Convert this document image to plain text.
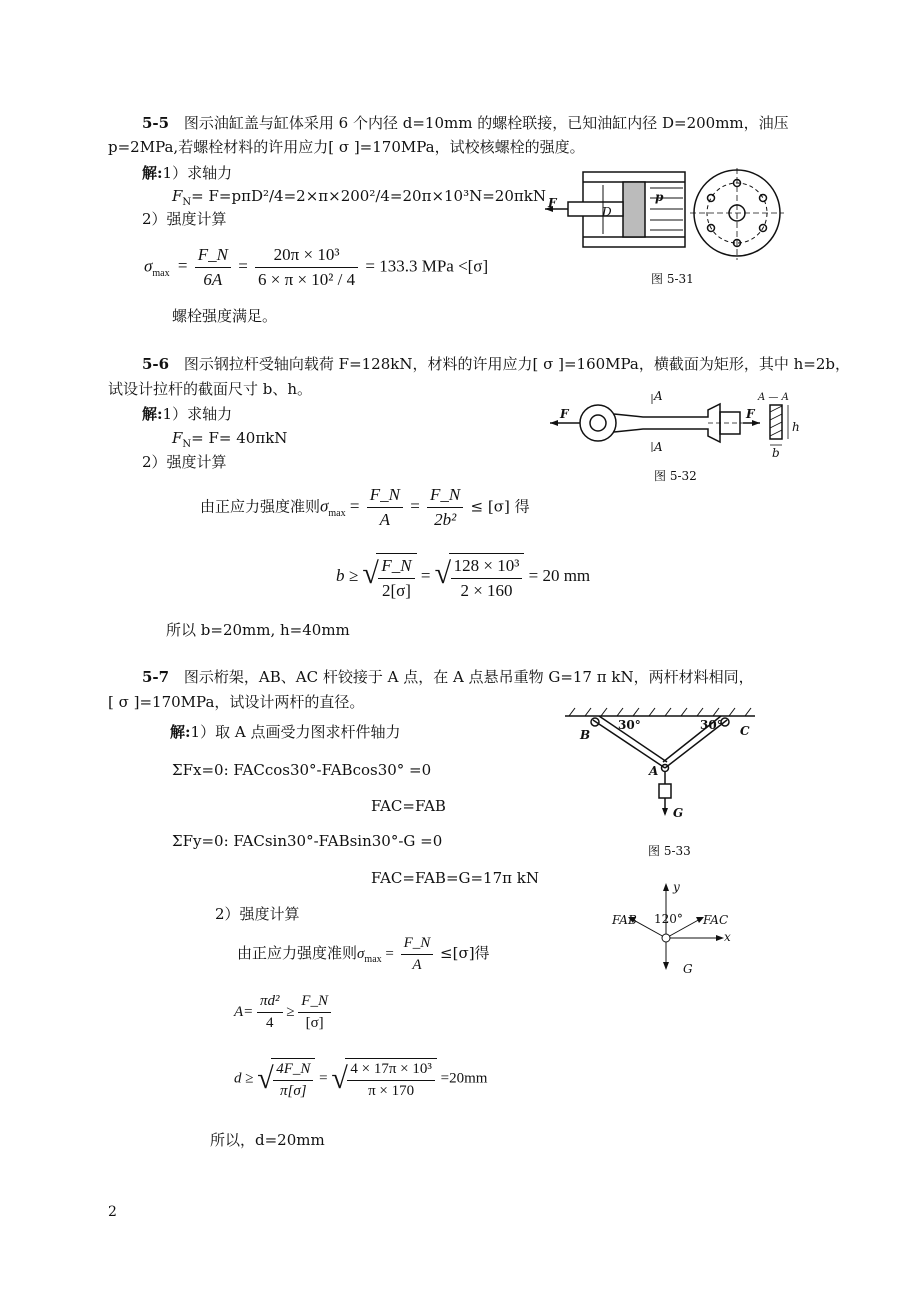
5-5 图示油缸盖与缸体采用 6 个内径 d=10mm 的螺栓联接，已知油缸内径 D=200mm，油压
p=2MPa,若螺栓材料的许用应力[ σ ]=170MPa，试校核螺栓的强度。
解:1）求轴力
$F_N= F=p\pi D^2/4=2\times\pi\times 200^2/4=20\pi\times 10^3N=20\pi kN$
2）强度计算
$\sigma_{max} = \frac{F\_N}{6A} = \frac{\text{20π × 10³}}{\text{6 × π × 10² / 4}} = 133.3$ MPa <[σ]
螺栓强度满足。
F
D
p
图 5-31
5-6 图示钢拉杆受轴向载荷 F=128kN，材料的许用应力[ σ ]=160MPa，横截面为矩形，其中 h=2b，
试设计拉杆的截面尺寸 b、h。
解:1）求轴力
$F_N= F= 40\pi kN$
2）强度计算
由正应力强度准则$\sigma_{max} = \frac{F\_N}{A} = \frac{F\_N}{\text{2b²}} \le [\sigma]$ 得
b ≥ √ $\frac{F\_N}{2[\sigma]}$ = √ $\frac{\text{128 × 10³}}{2 \times 160} = 20$ mm
所以 b=20mm, h=40mm
F	F
A
A
A — A
h
b
图 5-32
5-7 图示桁架，AB、AC 杆铰接于 A 点，在 A 点悬吊重物 G=17 π kN，两杆材料相同，
[ σ ]=170MPa，试设计两杆的直径。
解:1）取 A 点画受力图求杆件轴力
ΣFx=0: FACcos30°-FABcos30° =0
FAC=FAB
ΣFy=0: FACsin30°-FABsin30°-G =0
FAC=FAB=G=17π kN
2）强度计算
由正应力强度准则$\sigma_{max} = \frac{F\_N}{A} \le[\sigma]$得
$A= \frac{\text{πd²}}{4} \ge \frac{F\_N}{[\sigma]}$
d ≥ √ $\frac{4F\_N}{\pi[\sigma]}$ = √ $\frac{\text{4 × 17π × 10³}}{\pi \times 170} =20mm$
所以，d=20mm
30°	30°
B	C
A
G
图 5-33
y
x
FAB	FAC
120°
G
2
